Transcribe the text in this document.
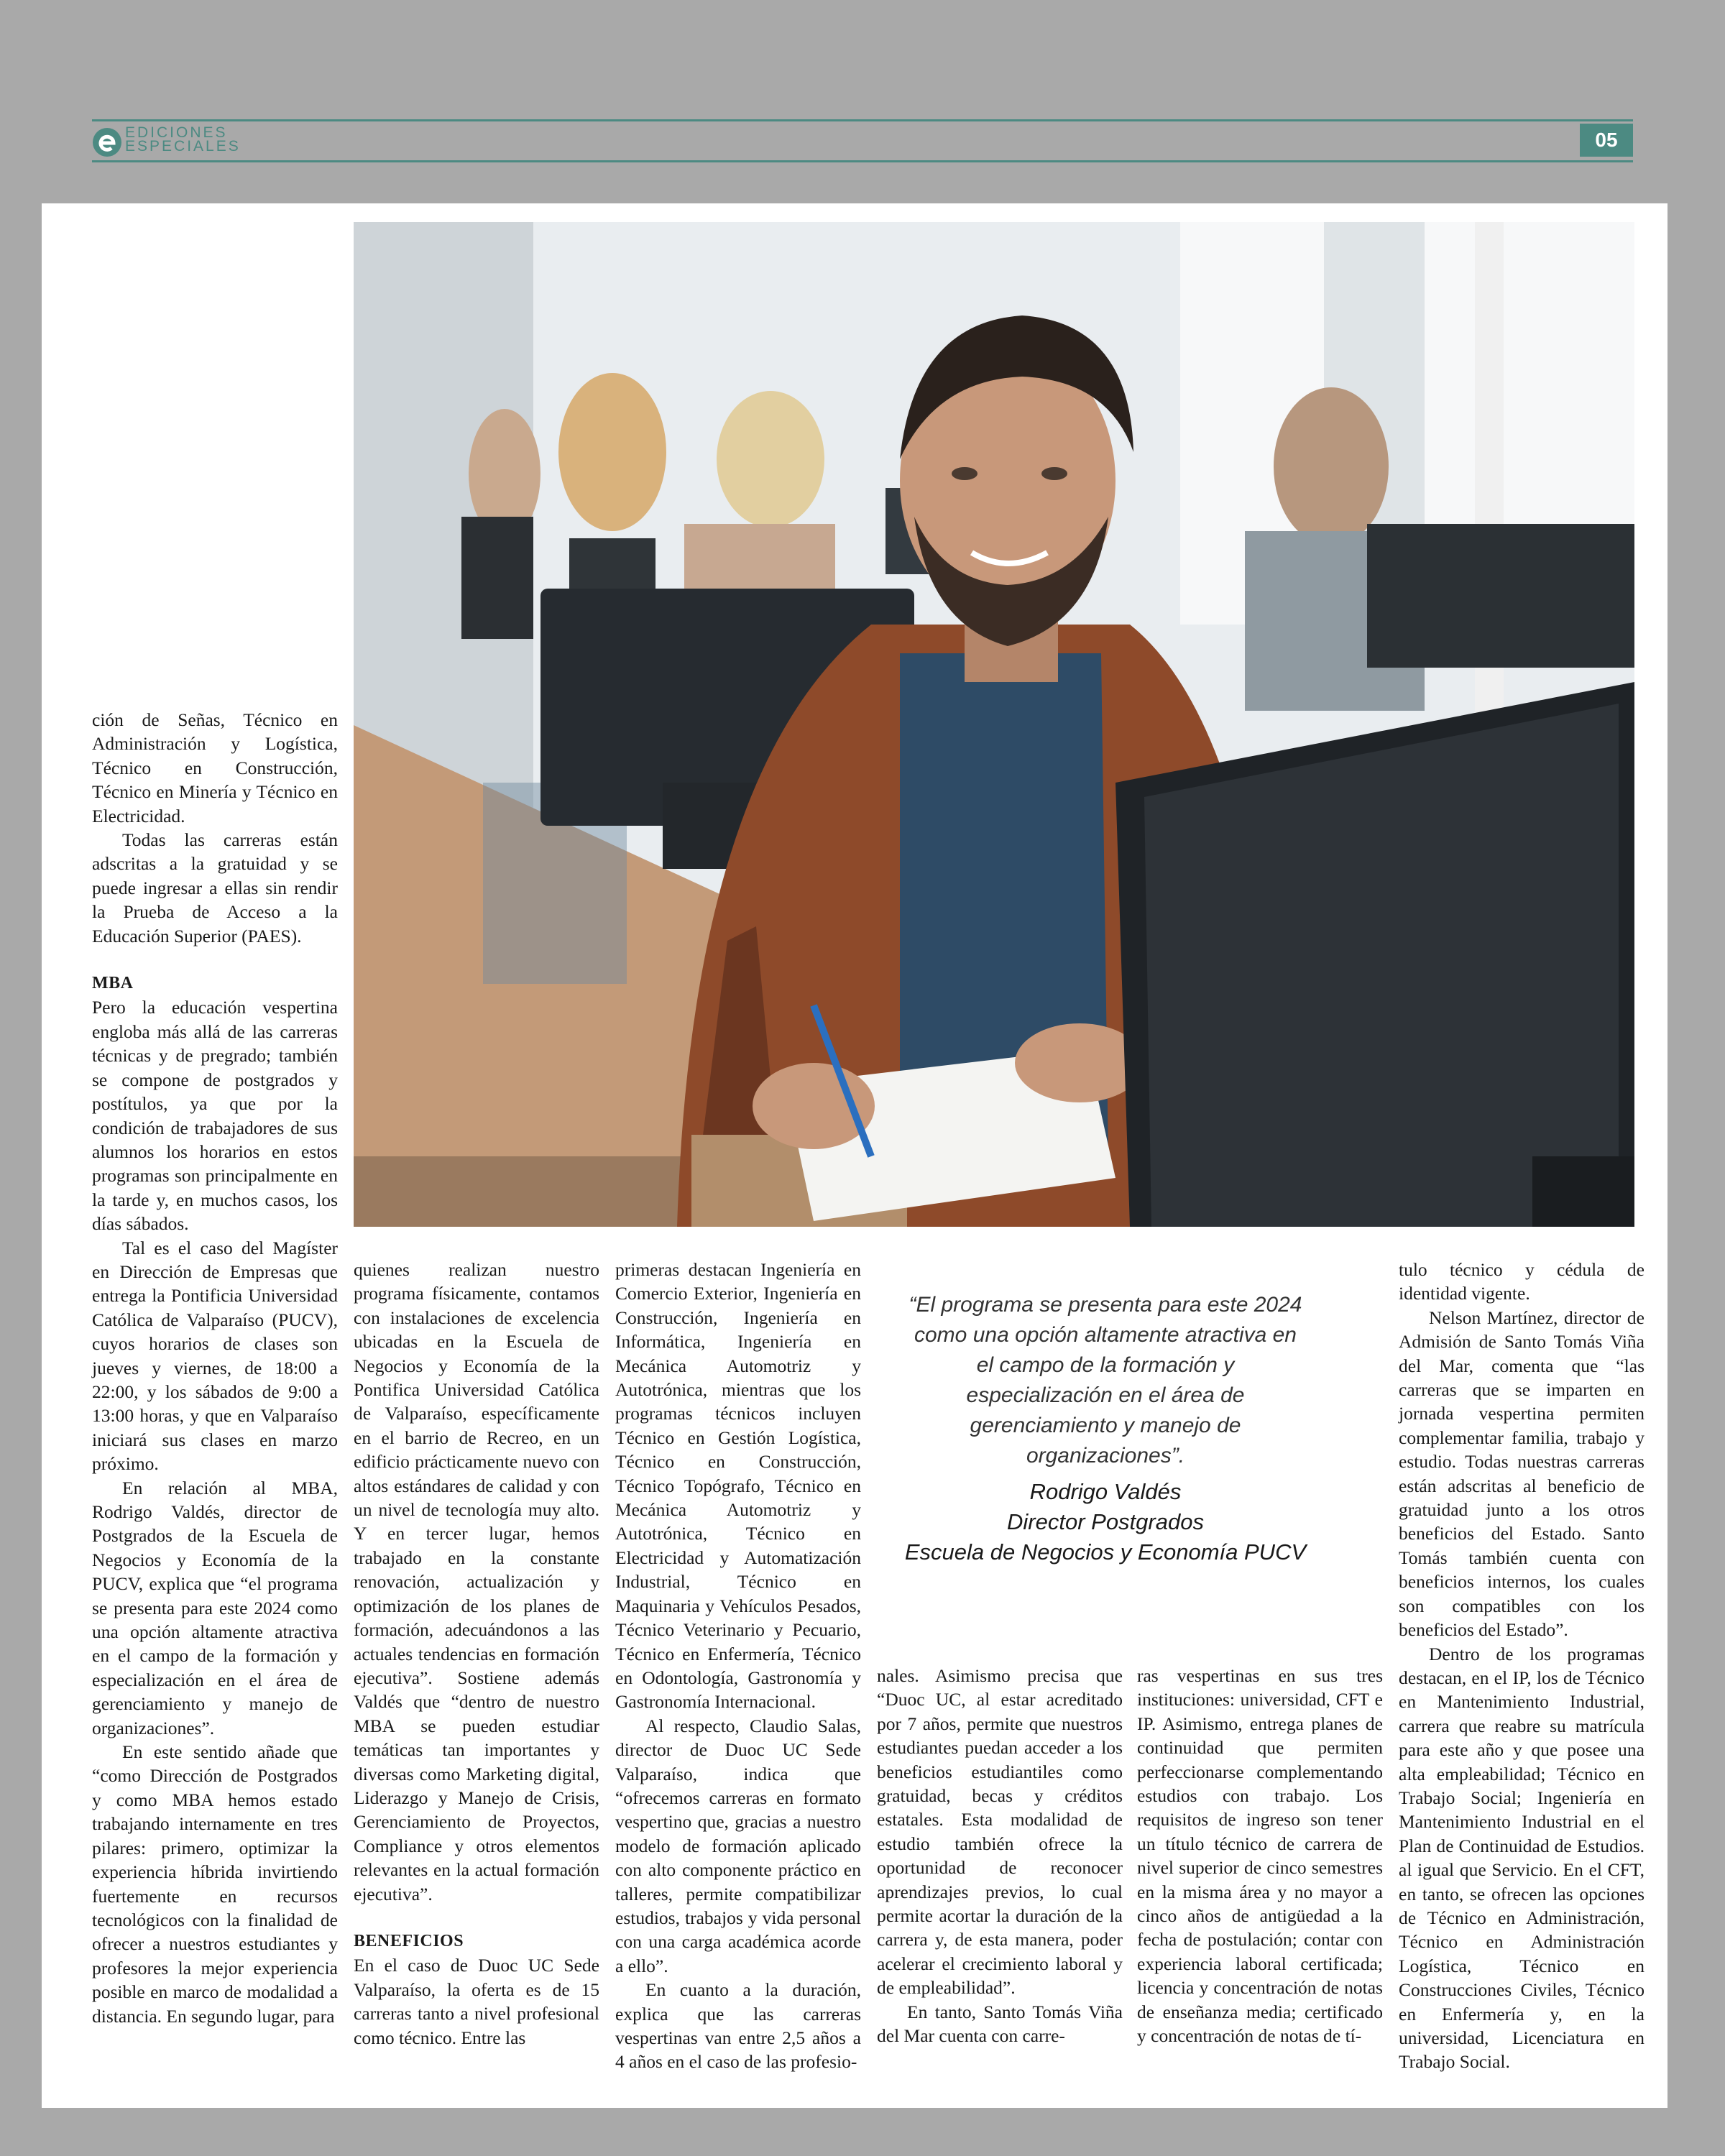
EDICIONES
ESPECIALES	05

ción de Señas, Técnico en Administración y Logística, Técnico en Construcción, Técnico en Minería y Técnico en Electricidad.

Todas las carreras están adscritas a la gratuidad y se puede ingresar a ellas sin rendir la Prueba de Acceso a la Educación Superior (PAES).

MBA

Pero la educación vespertina engloba más allá de las carreras técnicas y de pregrado; también se compone de postgrados y postítulos, ya que por la condición de trabajadores de sus alumnos los horarios en estos programas son principalmente en la tarde y, en muchos casos, los días sábados.

Tal es el caso del Magíster en Dirección de Empresas que entrega la Pontificia Universidad Católica de Valparaíso (PUCV), cuyos horarios de clases son jueves y viernes, de 18:00 a 22:00, y los sábados de 9:00 a 13:00 horas, y que en Valparaíso iniciará sus clases en marzo próximo.

En relación al MBA, Rodrigo Valdés, director de Postgrados de la Escuela de Negocios y Economía de la PUCV, explica que “el programa se presenta para este 2024 como una opción altamente atractiva en el campo de la formación y especialización en el área de gerenciamiento y manejo de organizaciones”.

En este sentido añade que “como Dirección de Postgrados y como MBA hemos estado trabajando internamente en tres pilares: primero, optimizar la experiencia híbrida invirtiendo fuertemente en recursos tecnológicos con la finalidad de ofrecer a nuestros estudiantes y profesores la mejor experiencia posible en marco de modalidad a distancia. En segundo lugar, para

quienes realizan nuestro programa físicamente, contamos con instalaciones de excelencia ubicadas en la Escuela de Negocios y Economía de la Pontifica Universidad Católica de Valparaíso, específicamente en el barrio de Recreo, en un edificio prácticamente nuevo con altos estándares de calidad y con un nivel de tecnología muy alto. Y en tercer lugar, hemos trabajado en la constante renovación, actualización y optimización de los planes de formación, adecuándonos a las actuales tendencias en formación ejecutiva”. Sostiene además Valdés que “dentro de nuestro MBA se pueden estudiar temáticas tan importantes y diversas como Marketing digital, Liderazgo y Manejo de Crisis, Gerenciamiento de Proyectos, Compliance y otros elementos relevantes en la actual formación ejecutiva”.

BENEFICIOS

En el caso de Duoc UC Sede Valparaíso, la oferta es de 15 carreras tanto a nivel profesional como técnico. Entre las

primeras destacan Ingeniería en Comercio Exterior, Ingeniería en Construcción, Ingeniería en Informática, Ingeniería en Mecánica Automotriz y Autotrónica, mientras que los programas técnicos incluyen Técnico en Gestión Logística, Técnico en Construcción, Técnico Topógrafo, Técnico en Mecánica Automotriz y Autotrónica, Técnico en Electricidad y Automatización Industrial, Técnico en Maquinaria y Vehículos Pesados, Técnico Veterinario y Pecuario, Técnico en Enfermería, Técnico en Odontología, Gastronomía y Gastronomía Internacional.

Al respecto, Claudio Salas, director de Duoc UC Sede Valparaíso, indica que “ofrecemos carreras en formato vespertino que, gracias a nuestro modelo de formación aplicado con alto componente práctico en talleres, permite compatibilizar estudios, trabajos y vida personal con una carga académica acorde a ello”.

En cuanto a la duración, explica que las carreras vespertinas van entre 2,5 años a 4 años en el caso de las profesio-

“El programa se presenta para este 2024 como una opción altamente atractiva en el campo de la formación y especialización en el área de gerenciamiento y manejo de organizaciones”.
Rodrigo Valdés
Director Postgrados
Escuela de Negocios y Economía PUCV

nales. Asimismo precisa que “Duoc UC, al estar acreditado por 7 años, permite que nuestros estudiantes puedan acceder a los beneficios estudiantiles como gratuidad, becas y créditos estatales. Esta modalidad de estudio también ofrece la oportunidad de reconocer aprendizajes previos, lo cual permite acortar la duración de la carrera y, de esta manera, poder acelerar el crecimiento laboral y de empleabilidad”.

En tanto, Santo Tomás Viña del Mar cuenta con carre-

ras vespertinas en sus tres instituciones: universidad, CFT e IP. Asimismo, entrega planes de continuidad que permiten perfeccionarse complementando estudios con trabajo. Los requisitos de ingreso son tener un título técnico de carrera de nivel superior de cinco semestres en la misma área y no mayor a cinco años de antigüedad a la fecha de postulación; contar con experiencia laboral certificada; licencia y concentración de notas de enseñanza media; certificado y concentración de notas de tí-

tulo técnico y cédula de identidad vigente.

Nelson Martínez, director de Admisión de Santo Tomás Viña del Mar, comenta que “las carreras que se imparten en jornada vespertina permiten complementar familia, trabajo y estudio. Todas nuestras carreras están adscritas al beneficio de gratuidad junto a los otros beneficios del Estado. Santo Tomás también cuenta con beneficios internos, los cuales son compatibles con los beneficios del Estado”.

Dentro de los programas destacan, en el IP, los de Técnico en Mantenimiento Industrial, carrera que reabre su matrícula para este año y que posee una alta empleabilidad; Técnico en Trabajo Social; Ingeniería en Mantenimiento Industrial en el Plan de Continuidad de Estudios. al igual que Servicio. En el CFT, en tanto, se ofrecen las opciones de Técnico en Administración, Técnico en Administración Logística, Técnico en Construcciones Civiles, Técnico en Enfermería y, en la universidad, Licenciatura en Trabajo Social.
